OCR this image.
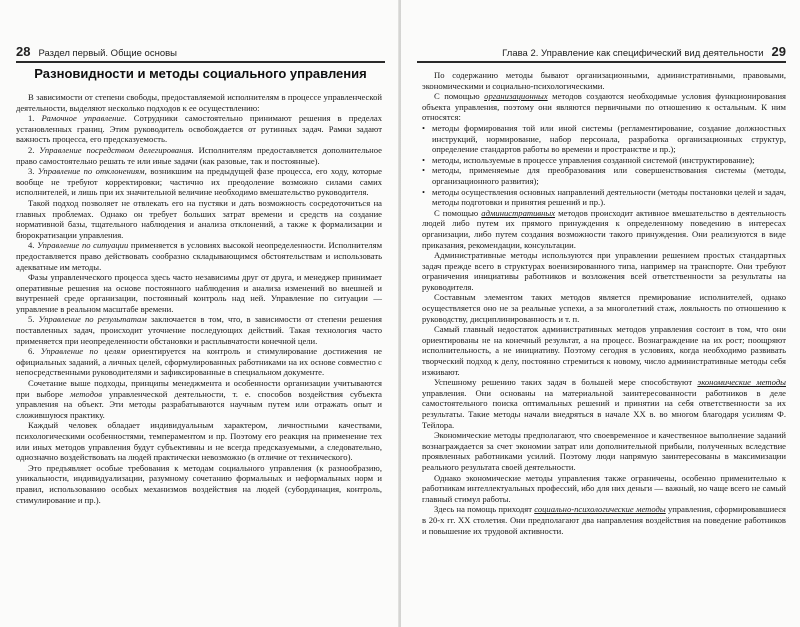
28 Раздел первый. Общие основы
Разновидности и методы социального управления

В зависимости от степени свободы, предоставляемой исполнителям в процессе управленческой деятельности, выделяют несколько подходов к ее осуществлению:

1. Рамочное управление. Сотрудники самостоятельно принимают решения в пределах установленных границ. Этим руководитель освобождается от рутинных задач. Рамки задают важность процесса, его предсказуемость.

2. Управление посредством делегирования. Исполнителям предоставляется дополнительное право самостоятельно решать те или иные задачи (как разовые, так и постоянные).

3. Управление по отклонениям, возникшим на предыдущей фазе процесса, его ходу, которые вообще не требуют корректировки; частично их преодоление возможно силами самих исполнителей, и лишь при их значительной величине необходимо вмешательство руководителя.

Такой подход позволяет не отвлекать его на пустяки и дать возможность сосредоточиться на главных проблемах. Однако он требует больших затрат времени и средств на создание нормативной базы, тщательного наблюдения и анализа отклонений, а также к формализации и бюрократизации управления.

4. Управление по ситуации применяется в условиях высокой неопределенности. Исполнителям предоставляется право действовать сообразно складывающимся обстоятельствам и использовать адекватные им методы.

Фазы управленческого процесса здесь часто независимы друг от друга, и менеджер принимает оперативные решения на основе постоянного наблюдения и анализа изменений во внешней и внутренней среде организации, постоянный контроль над ней. Управление по ситуации — управление в реальном масштабе времени.

5. Управление по результатам заключается в том, что, в зависимости от степени решения поставленных задач, происходит уточнение последующих действий. Такая технология часто применяется при неопределенности обстановки и расплывчатости конечной цели.

6. Управление по целям ориентируется на контроль и стимулирование достижения не официальных заданий, а личных целей, сформулированных работниками на их основе совместно с непосредственными руководителями и зафиксированные в специальном документе.

Сочетание выше подходы, принципы менеджмента и особенности организации учитываются при выборе методов управленческой деятельности, т. е. способов воздействия субъекта управления на объект. Эти методы разрабатываются научным путем или отражать опыт и сложившуюся практику.

Каждый человек обладает индивидуальным характером, личностными качествами, психологическими особенностями, темпераментом и пр. Поэтому его реакция на применение тех или иных методов управления будут субъективны и не всегда предсказуемыми, а следовательно, однозначно воздействовать на людей практически невозможно (в отличие от технического).

Это предъявляет особые требования к методам социального управления (к разнообразию, уникальности, индивидуализации, разумному сочетанию формальных и неформальных норм и правил, использованию особых механизмов воздействия на людей (субординация, контроль, стимулирование и пр.).

Глава 2. Управление как специфический вид деятельности 29

По содержанию методы бывают организационными, административными, правовыми, экономическими и социально-психологическими.

С помощью организационных методов создаются необходимые условия функционирования объекта управления, поэтому они являются первичными по отношению к остальным. К ним относятся:

• методы формирования той или иной системы (регламентирование, создание должностных инструкций, нормирование, набор персонала, разработка организационных структур, определение стандартов работы во времени и пространстве и пр.);
• методы, используемые в процессе управления созданной системой (инструктирование);
• методы, применяемые для преобразования или совершенствования системы (методы, организационного развития);
• методы осуществления основных направлений деятельности (методы постановки целей и задач, методы подготовки и принятия решений и пр.).

С помощью административных методов происходит активное вмешательство в деятельность людей либо путем их прямого принуждения к определенному поведению в интересах организации, либо путем создания возможности такого принуждения. Они реализуются в виде приказания, рекомендации, консультации.

Административные методы используются при управлении решением простых стандартных задач прежде всего в структурах военизированного типа, например на транспорте. Они требуют ограничения инициативы работников и возложения всей ответственности за результаты на руководителя.

Составным элементом таких методов является премирование исполнителей, однако осуществляется оно не за реальные успехи, а за многолетний стаж, лояльность по отношению к руководству, дисциплинированность и т. п.

Самый главный недостаток административных методов управления состоит в том, что они ориентированы не на конечный результат, а на процесс. Вознаграждение на их рост; поощряют исполнительность, а не инициативу. Поэтому сегодня в условиях, когда необходимо развивать творческий подход к делу, постоянно стремиться к новому, число административные методы себя изживают.

Успешному решению таких задач в большей мере способствуют экономические методы управления. Они основаны на материальной заинтересованности работников в деле самостоятельного поиска оптимальных решений и принятии на себя ответственности за их результаты. Такие методы начали внедряться в начале XX в. во многом благодаря усилиям Ф. Тейлора.

Экономические методы предполагают, что своевременное и качественное выполнение заданий вознаграждается за счет экономии затрат или дополнительной прибыли, полученных вследствие проявленных работниками усилий. Поэтому люди напрямую заинтересованы в максимизации реального результата своей деятельности.

Однако экономические методы управления также ограничены, особенно применительно к работникам интеллектуальных профессий, ибо для них деньги — важный, но чаще всего не самый главный стимул работы.

Здесь на помощь приходят социально-психологические методы управления, сформировавшиеся в 20-х гг. XX столетия. Они предполагают два направления воздействия на поведение работников и повышение их трудовой активности.
